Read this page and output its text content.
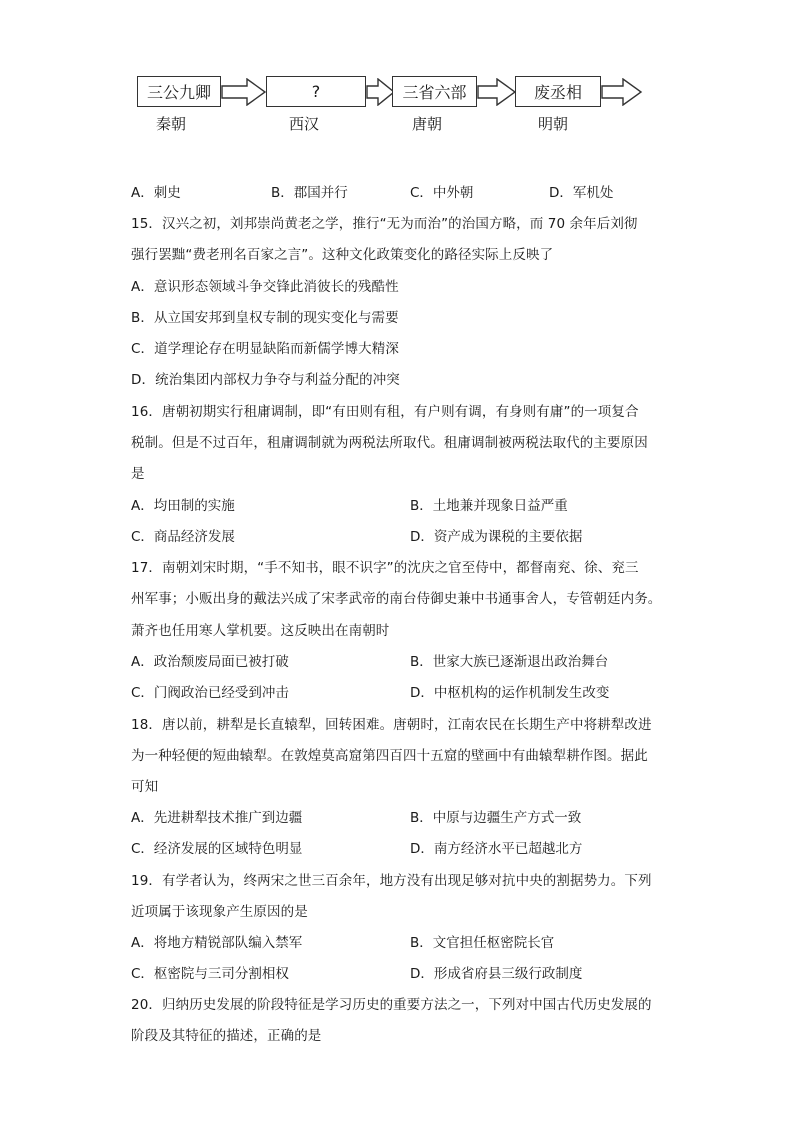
三公九卿	?	三省六部	废丞相
秦朝	西汉	唐朝	明朝
A．刺史	B．郡国并行	C．中外朝	D．军机处
15．汉兴之初，刘邦崇尚黄老之学，推行“无为而治”的治国方略，而 70 余年后刘彻
强行罢黜“费老刑名百家之言”。这种文化政策变化的路径实际上反映了
A．意识形态领域斗争交锋此消彼长的残酷性
B．从立国安邦到皇权专制的现实变化与需要
C．道学理论存在明显缺陷而新儒学博大精深
D．统治集团内部权力争夺与利益分配的冲突
16．唐朝初期实行租庸调制，即“有田则有租，有户则有调，有身则有庸”的一项复合
税制。但是不过百年，租庸调制就为两税法所取代。租庸调制被两税法取代的主要原因
是
A．均田制的实施	B．土地兼并现象日益严重
C．商品经济发展	D．资产成为课税的主要依据
17．南朝刘宋时期，“手不知书，眼不识字”的沈庆之官至侍中，都督南兖、徐、兖三
州军事；小贩出身的戴法兴成了宋孝武帝的南台侍御史兼中书通事舍人，专管朝廷内务。
萧齐也任用寒人掌机要。这反映出在南朝时
A．政治颓废局面已被打破	B．世家大族已逐渐退出政治舞台
C．门阀政治已经受到冲击	D．中枢机构的运作机制发生改变
18．唐以前，耕犁是长直辕犁，回转困难。唐朝时，江南农民在长期生产中将耕犁改进
为一种轻便的短曲辕犁。在敦煌莫高窟第四百四十五窟的壁画中有曲辕犁耕作图。据此
可知
A．先进耕犁技术推广到边疆	B．中原与边疆生产方式一致
C．经济发展的区域特色明显	D．南方经济水平已超越北方
19．有学者认为，终两宋之世三百余年，地方没有出现足够对抗中央的割据势力。下列
近项属于该现象产生原因的是
A．将地方精锐部队编入禁军	B．文官担任枢密院长官
C．枢密院与三司分割相权	D．形成省府县三级行政制度
20．归纳历史发展的阶段特征是学习历史的重要方法之一，下列对中国古代历史发展的
阶段及其特征的描述，正确的是
